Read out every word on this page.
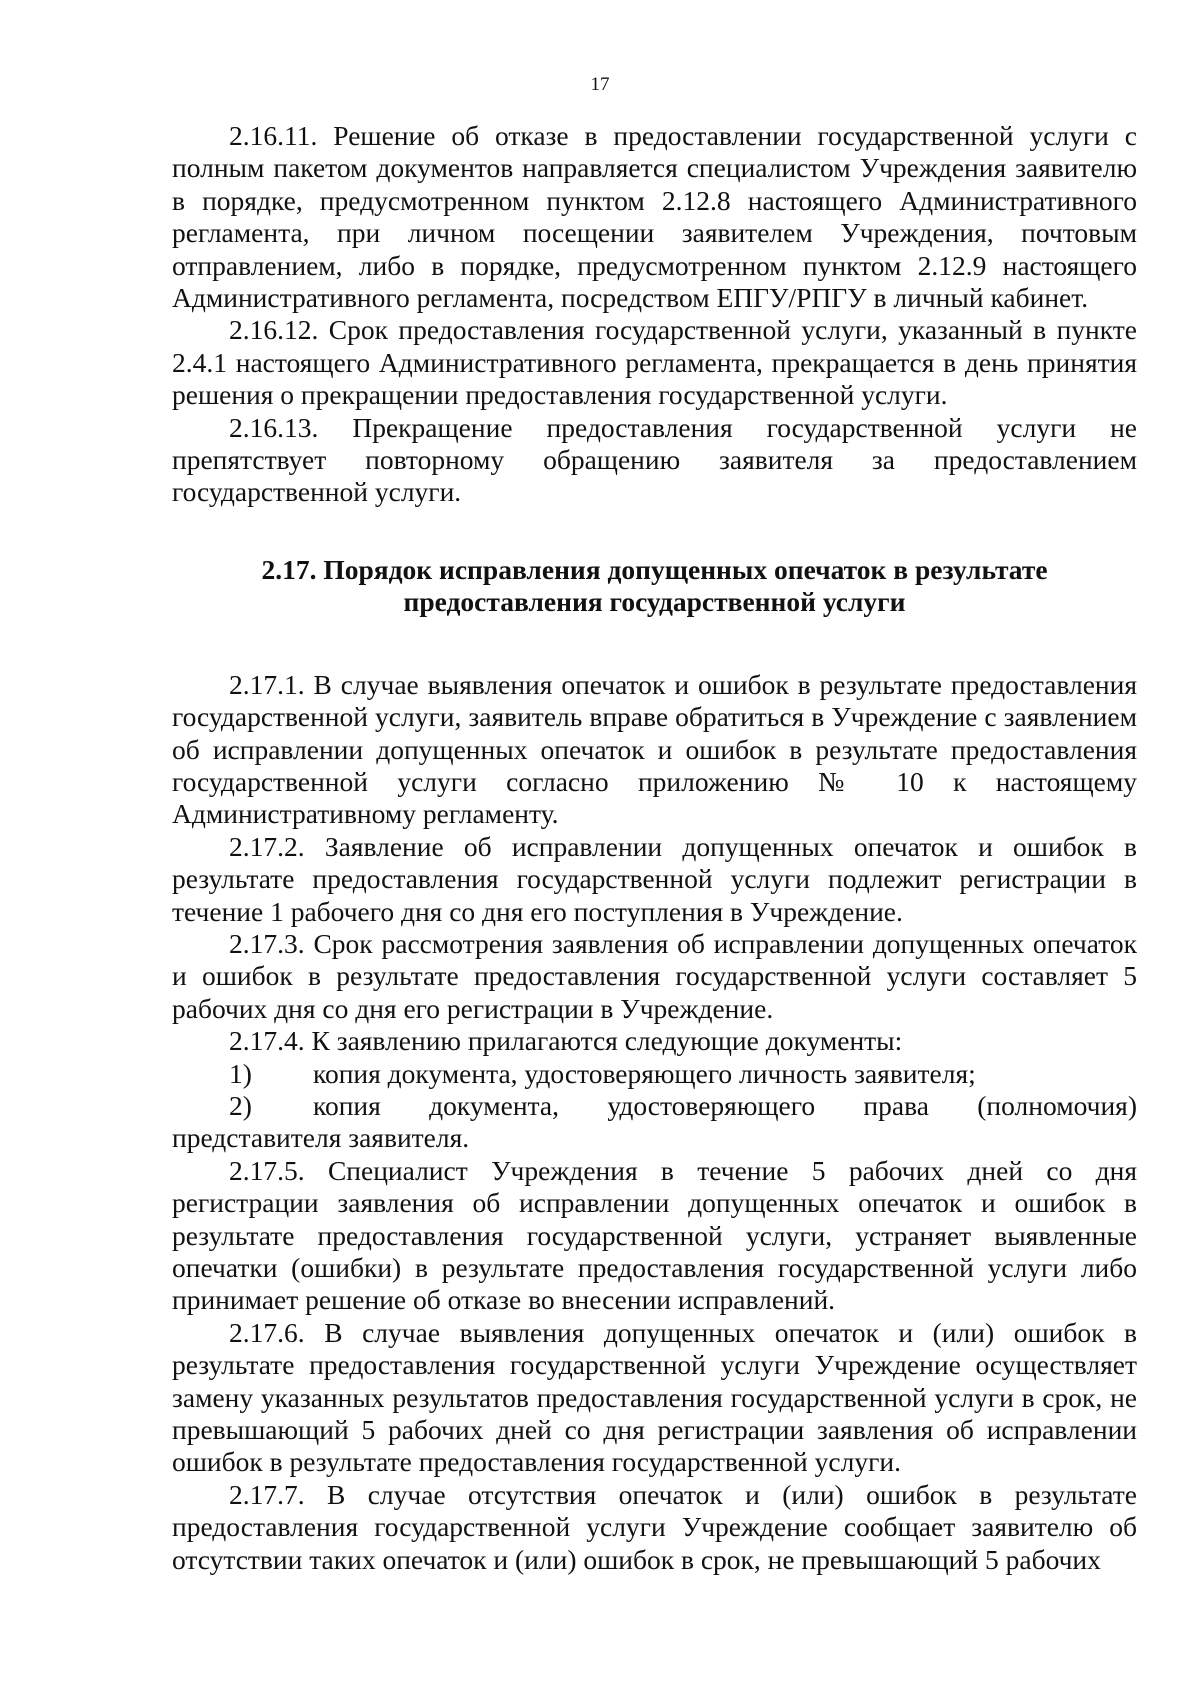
17

2.16.11. Решение об отказе в предоставлении государственной услуги с полным пакетом документов направляется специалистом Учреждения заявителю в порядке, предусмотренном пунктом 2.12.8 настоящего Административного регламента, при личном посещении заявителем Учреждения, почтовым отправлением, либо в порядке, предусмотренном пунктом 2.12.9 настоящего Административного регламента, посредством ЕПГУ/РПГУ в личный кабинет.

2.16.12. Срок предоставления государственной услуги, указанный в пункте 2.4.1 настоящего Административного регламента, прекращается в день принятия решения о прекращении предоставления государственной услуги.

2.16.13. Прекращение предоставления государственной услуги не препятствует повторному обращению заявителя за предоставлением государственной услуги.

2.17. Порядок исправления допущенных опечаток в результате

предоставления государственной услуги

2.17.1. В случае выявления опечаток и ошибок в результате предоставления государственной услуги, заявитель вправе обратиться в Учреждение с заявлением об исправлении допущенных опечаток и ошибок в результате предоставления государственной услуги согласно приложению № 10 к настоящему Административному регламенту.

2.17.2. Заявление об исправлении допущенных опечаток и ошибок в результате предоставления государственной услуги подлежит регистрации в течение 1 рабочего дня со дня его поступления в Учреждение.

2.17.3. Срок рассмотрения заявления об исправлении допущенных опечаток и ошибок в результате предоставления государственной услуги составляет 5 рабочих дня со дня его регистрации в Учреждение.

2.17.4. К заявлению прилагаются следующие документы:

1) копия документа, удостоверяющего личность заявителя;

2) копия документа, удостоверяющего права (полномочия) представителя заявителя.

2.17.5. Специалист Учреждения в течение 5 рабочих дней со дня регистрации заявления об исправлении допущенных опечаток и ошибок в результате предоставления государственной услуги, устраняет выявленные опечатки (ошибки) в результате предоставления государственной услуги либо принимает решение об отказе во внесении исправлений.

2.17.6. В случае выявления допущенных опечаток и (или) ошибок в результате предоставления государственной услуги Учреждение осуществляет замену указанных результатов предоставления государственной услуги в срок, не превышающий 5 рабочих дней со дня регистрации заявления об исправлении ошибок в результате предоставления государственной услуги.

2.17.7. В случае отсутствия опечаток и (или) ошибок в результате предоставления государственной услуги Учреждение сообщает заявителю об отсутствии таких опечаток и (или) ошибок в срок, не превышающий 5 рабочих
